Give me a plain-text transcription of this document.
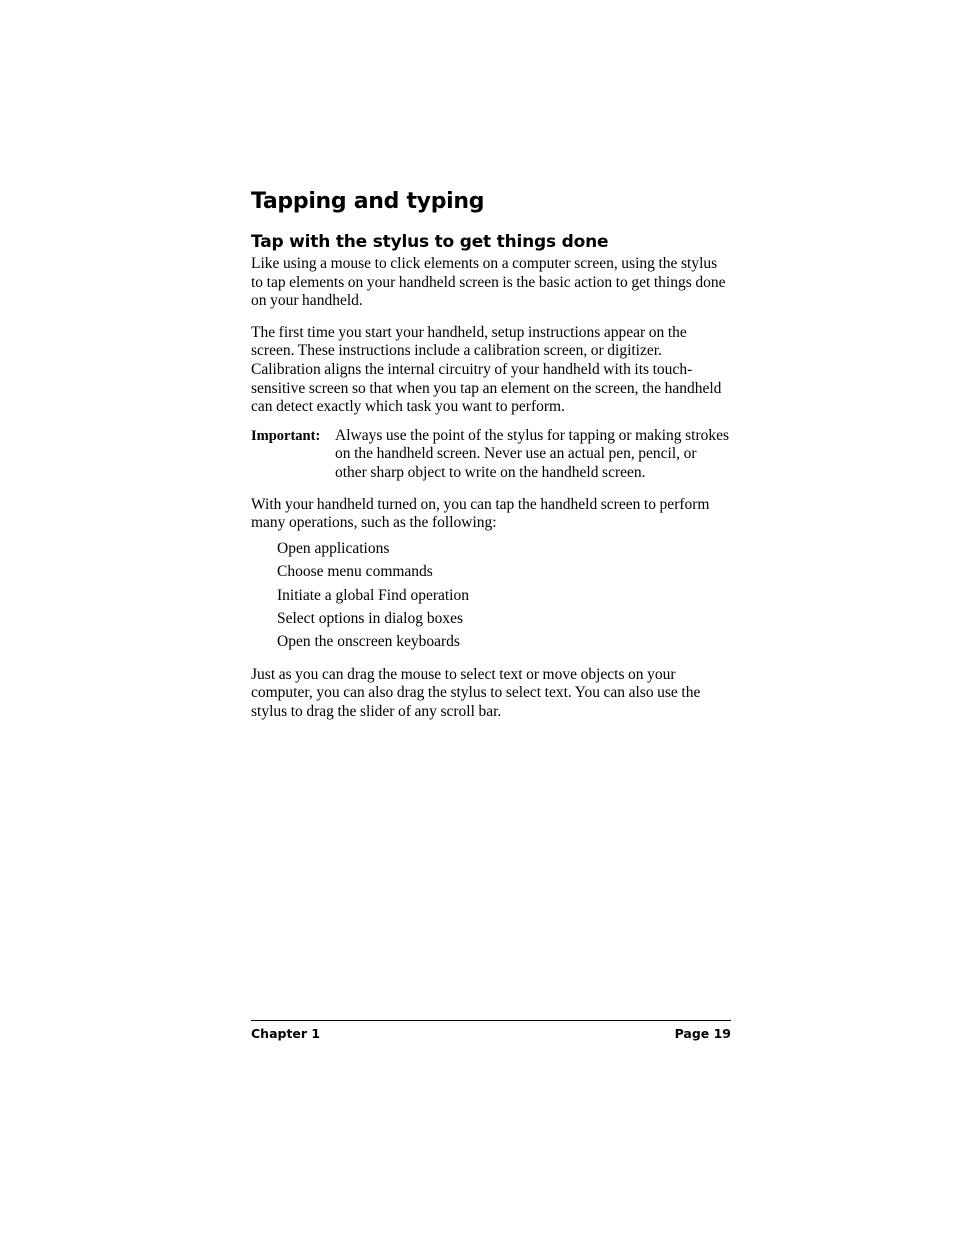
Tapping and typing
Tap with the stylus to get things done

Like using a mouse to click elements on a computer screen, using the stylus to tap elements on your handheld screen is the basic action to get things done on your handheld.

The first time you start your handheld, setup instructions appear on the screen. These instructions include a calibration screen, or digitizer. Calibration aligns the internal circuitry of your handheld with its touch-sensitive screen so that when you tap an element on the screen, the handheld can detect exactly which task you want to perform.

Important: Always use the point of the stylus for tapping or making strokes on the handheld screen. Never use an actual pen, pencil, or other sharp object to write on the handheld screen.

With your handheld turned on, you can tap the handheld screen to perform many operations, such as the following:

Open applications
Choose menu commands
Initiate a global Find operation
Select options in dialog boxes
Open the onscreen keyboards

Just as you can drag the mouse to select text or move objects on your computer, you can also drag the stylus to select text. You can also use the stylus to drag the slider of any scroll bar.

Chapter 1	Page 19
